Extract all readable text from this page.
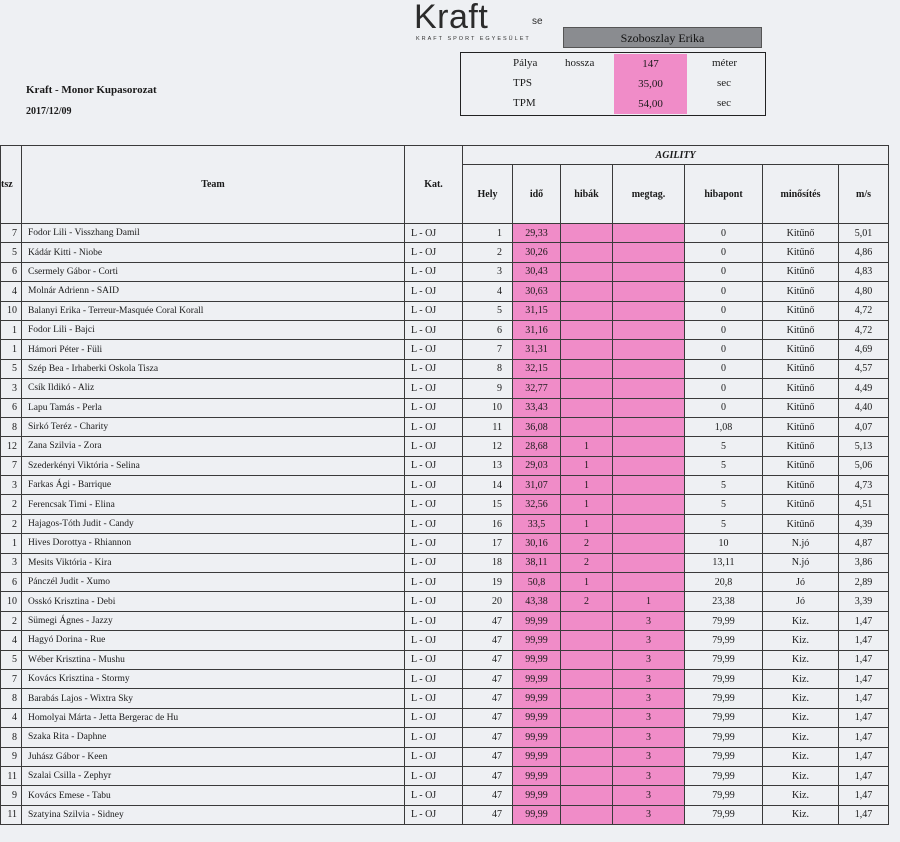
Kraft	se
KRAFT SPORT EGYESÜLET	Szoboszlay Erika
Pálya	hossza	147	méter
TPS	35,00	sec
TPM	54,00	sec
Kraft - Monor Kupasorozat
2017/12/09
tsz	Team	Kat.	AGILITY						
			Hely	idő	hibák	megtag.	hibapont	minősítés	m/s
7	Fodor Lili - Visszhang Damil	L - OJ	1	29,33			0	Kitűnő	5,01
5	Kádár Kitti - Niobe	L - OJ	2	30,26			0	Kitűnő	4,86
6	Csermely Gábor - Corti	L - OJ	3	30,43			0	Kitűnő	4,83
4	Molnár Adrienn - SAID	L - OJ	4	30,63			0	Kitűnő	4,80
10	Balanyi Erika - Terreur-Masquée Coral Korall	L - OJ	5	31,15			0	Kitűnő	4,72
1	Fodor Lili - Bajci	L - OJ	6	31,16			0	Kitűnő	4,72
1	Hámori Péter - Füli	L - OJ	7	31,31			0	Kitűnő	4,69
5	Szép Bea - Irhaberki Oskola Tisza	L - OJ	8	32,15			0	Kitűnő	4,57
3	Csík Ildikó - Aliz	L - OJ	9	32,77			0	Kitűnő	4,49
6	Lapu Tamás - Perla	L - OJ	10	33,43			0	Kitűnő	4,40
8	Sirkó Teréz - Charity	L - OJ	11	36,08			1,08	Kitűnő	4,07
12	Zana Szilvia - Zora	L - OJ	12	28,68	1		5	Kitűnő	5,13
7	Szederkényi Viktória - Selina	L - OJ	13	29,03	1		5	Kitűnő	5,06
3	Farkas Ági - Barrique	L - OJ	14	31,07	1		5	Kitűnő	4,73
2	Ferencsak Timi - Elina	L - OJ	15	32,56	1		5	Kitűnő	4,51
2	Hajagos-Tóth Judit - Candy	L - OJ	16	33,5	1		5	Kitűnő	4,39
1	Hives Dorottya - Rhiannon	L - OJ	17	30,16	2		10	N.jó	4,87
3	Mesits Viktória - Kira	L - OJ	18	38,11	2		13,11	N.jó	3,86
6	Pánczél Judit - Xumo	L - OJ	19	50,8	1		20,8	Jó	2,89
10	Osskó Krisztina - Debi	L - OJ	20	43,38	2	1	23,38	Jó	3,39
2	Sümegi Ágnes - Jazzy	L - OJ	47	99,99		3	79,99	Kiz.	1,47
4	Hagyó Dorina - Rue	L - OJ	47	99,99		3	79,99	Kiz.	1,47
5	Wéber Krisztina - Mushu	L - OJ	47	99,99		3	79,99	Kiz.	1,47
7	Kovács Krisztina - Stormy	L - OJ	47	99,99		3	79,99	Kiz.	1,47
8	Barabás Lajos - Wixtra Sky	L - OJ	47	99,99		3	79,99	Kiz.	1,47
4	Homolyai Márta - Jetta Bergerac de Hu	L - OJ	47	99,99		3	79,99	Kiz.	1,47
8	Szaka Rita - Daphne	L - OJ	47	99,99		3	79,99	Kiz.	1,47
9	Juhász Gábor - Keen	L - OJ	47	99,99		3	79,99	Kiz.	1,47
11	Szalai Csilla - Zephyr	L - OJ	47	99,99		3	79,99	Kiz.	1,47
9	Kovács Emese - Tabu	L - OJ	47	99,99		3	79,99	Kiz.	1,47
11	Szatyina Szilvia - Sidney	L - OJ	47	99,99		3	79,99	Kiz.	1,47
